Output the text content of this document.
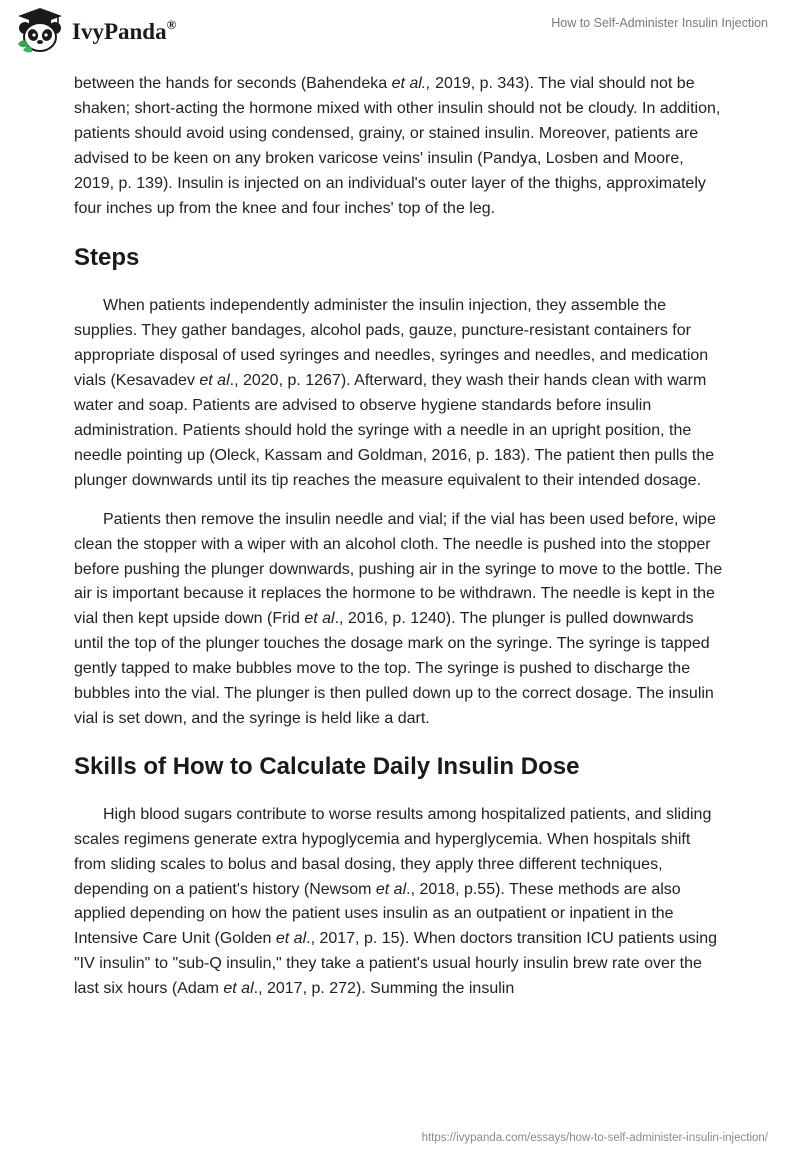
IvyPanda®	How to Self-Administer Insulin Injection

between the hands for seconds (Bahendeka et al., 2019, p. 343). The vial should not be shaken; short-acting the hormone mixed with other insulin should not be cloudy. In addition, patients should avoid using condensed, grainy, or stained insulin. Moreover, patients are advised to be keen on any broken varicose veins' insulin (Pandya, Losben and Moore, 2019, p. 139). Insulin is injected on an individual's outer layer of the thighs, approximately four inches up from the knee and four inches' top of the leg.

Steps

When patients independently administer the insulin injection, they assemble the supplies. They gather bandages, alcohol pads, gauze, puncture-resistant containers for appropriate disposal of used syringes and needles, syringes and needles, and medication vials (Kesavadev et al., 2020, p. 1267). Afterward, they wash their hands clean with warm water and soap. Patients are advised to observe hygiene standards before insulin administration. Patients should hold the syringe with a needle in an upright position, the needle pointing up (Oleck, Kassam and Goldman, 2016, p. 183). The patient then pulls the plunger downwards until its tip reaches the measure equivalent to their intended dosage.

Patients then remove the insulin needle and vial; if the vial has been used before, wipe clean the stopper with a wiper with an alcohol cloth. The needle is pushed into the stopper before pushing the plunger downwards, pushing air in the syringe to move to the bottle. The air is important because it replaces the hormone to be withdrawn. The needle is kept in the vial then kept upside down (Frid et al., 2016, p. 1240). The plunger is pulled downwards until the top of the plunger touches the dosage mark on the syringe. The syringe is tapped gently tapped to make bubbles move to the top. The syringe is pushed to discharge the bubbles into the vial. The plunger is then pulled down up to the correct dosage. The insulin vial is set down, and the syringe is held like a dart.

Skills of How to Calculate Daily Insulin Dose

High blood sugars contribute to worse results among hospitalized patients, and sliding scales regimens generate extra hypoglycemia and hyperglycemia. When hospitals shift from sliding scales to bolus and basal dosing, they apply three different techniques, depending on a patient's history (Newsom et al., 2018, p.55). These methods are also applied depending on how the patient uses insulin as an outpatient or inpatient in the Intensive Care Unit (Golden et al., 2017, p. 15). When doctors transition ICU patients using "IV insulin" to "sub-Q insulin," they take a patient's usual hourly insulin brew rate over the last six hours (Adam et al., 2017, p. 272). Summing the insulin

https://ivypanda.com/essays/how-to-self-administer-insulin-injection/
